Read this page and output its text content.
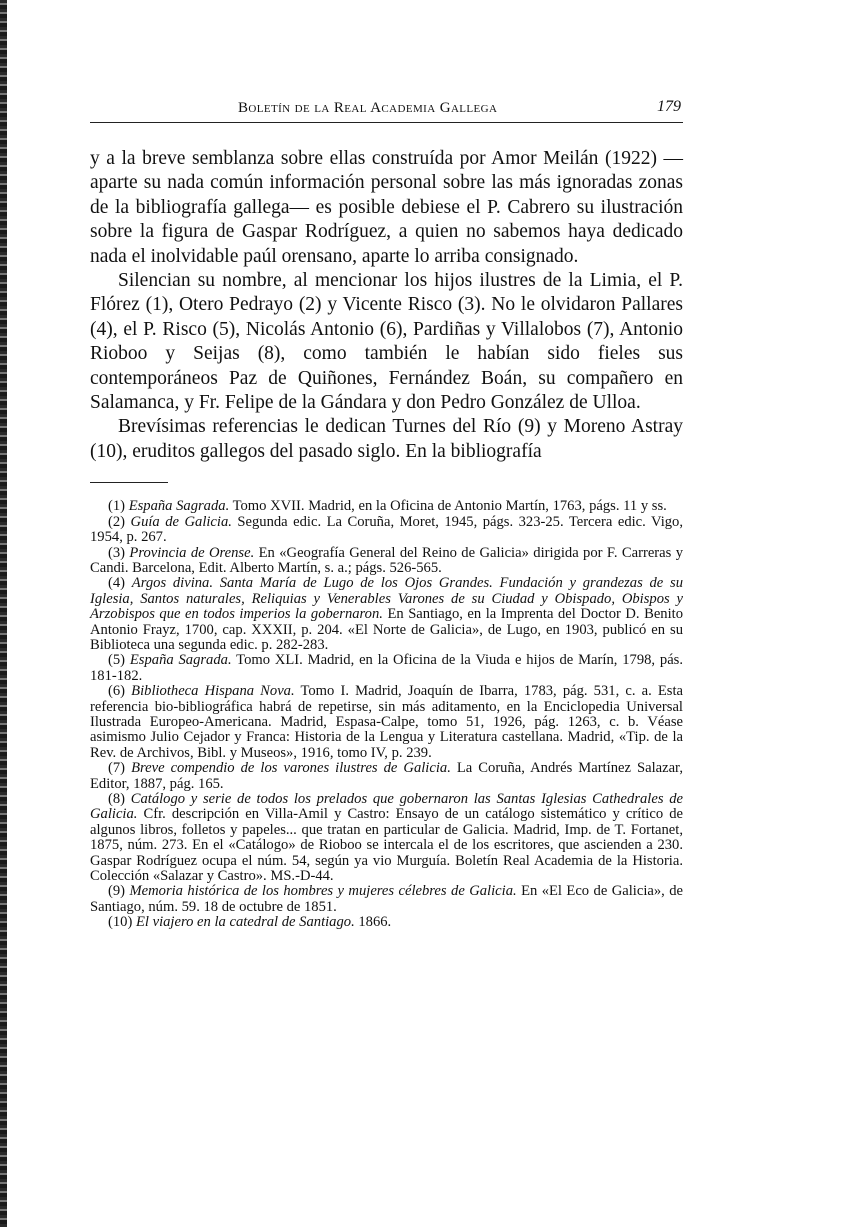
Boletín de la Real Academia Gallega	179

y a la breve semblanza sobre ellas construída por Amor Meilán (1922) —aparte su nada común información personal sobre las más ignoradas zonas de la bibliografía gallega— es posible debiese el P. Cabrero su ilustración sobre la figura de Gaspar Rodríguez, a quien no sabemos haya dedicado nada el inolvidable paúl orensano, aparte lo arriba consignado.

Silencian su nombre, al mencionar los hijos ilustres de la Limia, el P. Flórez (1), Otero Pedrayo (2) y Vicente Risco (3). No le olvidaron Pallares (4), el P. Risco (5), Nicolás Antonio (6), Pardiñas y Villalobos (7), Antonio Rioboo y Seijas (8), como también le habían sido fieles sus contemporáneos Paz de Quiñones, Fernández Boán, su compañero en Salamanca, y Fr. Felipe de la Gándara y don Pedro González de Ulloa.

Brevísimas referencias le dedican Turnes del Río (9) y Moreno Astray (10), eruditos gallegos del pasado siglo. En la bibliografía

(1) España Sagrada. Tomo XVII. Madrid, en la Oficina de Antonio Martín, 1763, págs. 11 y ss.

(2) Guía de Galicia. Segunda edic. La Coruña, Moret, 1945, págs. 323-25. Tercera edic. Vigo, 1954, p. 267.

(3) Provincia de Orense. En «Geografía General del Reino de Galicia» dirigida por F. Carreras y Candi. Barcelona, Edit. Alberto Martín, s. a.; págs. 526-565.

(4) Argos divina. Santa María de Lugo de los Ojos Grandes. Fundación y grandezas de su Iglesia, Santos naturales, Reliquias y Venerables Varones de su Ciudad y Obispado, Obispos y Arzobispos que en todos imperios la gobernaron. En Santiago, en la Imprenta del Doctor D. Benito Antonio Frayz, 1700, cap. XXXII, p. 204. «El Norte de Galicia», de Lugo, en 1903, publicó en su Biblioteca una segunda edic. p. 282-283.

(5) España Sagrada. Tomo XLI. Madrid, en la Oficina de la Viuda e hijos de Marín, 1798, pás. 181-182.

(6) Bibliotheca Hispana Nova. Tomo I. Madrid, Joaquín de Ibarra, 1783, pág. 531, c. a. Esta referencia bio-bibliográfica habrá de repetirse, sin más aditamento, en la Enciclopedia Universal Ilustrada Europeo-Americana. Madrid, Espasa-Calpe, tomo 51, 1926, pág. 1263, c. b. Véase asimismo Julio Cejador y Franca: Historia de la Lengua y Literatura castellana. Madrid, «Tip. de la Rev. de Archivos, Bibl. y Museos», 1916, tomo IV, p. 239.

(7) Breve compendio de los varones ilustres de Galicia. La Coruña, Andrés Martínez Salazar, Editor, 1887, pág. 165.

(8) Catálogo y serie de todos los prelados que gobernaron las Santas Iglesias Cathedrales de Galicia. Cfr. descripción en Villa-Amil y Castro: Ensayo de un catálogo sistemático y crítico de algunos libros, folletos y papeles... que tratan en particular de Galicia. Madrid, Imp. de T. Fortanet, 1875, núm. 273. En el «Catálogo» de Rioboo se intercala el de los escritores, que ascienden a 230. Gaspar Rodríguez ocupa el núm. 54, según ya vio Murguía. Boletín Real Academia de la Historia. Colección «Salazar y Castro». MS.-D-44.

(9) Memoria histórica de los hombres y mujeres célebres de Galicia. En «El Eco de Galicia», de Santiago, núm. 59. 18 de octubre de 1851.

(10) El viajero en la catedral de Santiago. 1866.
